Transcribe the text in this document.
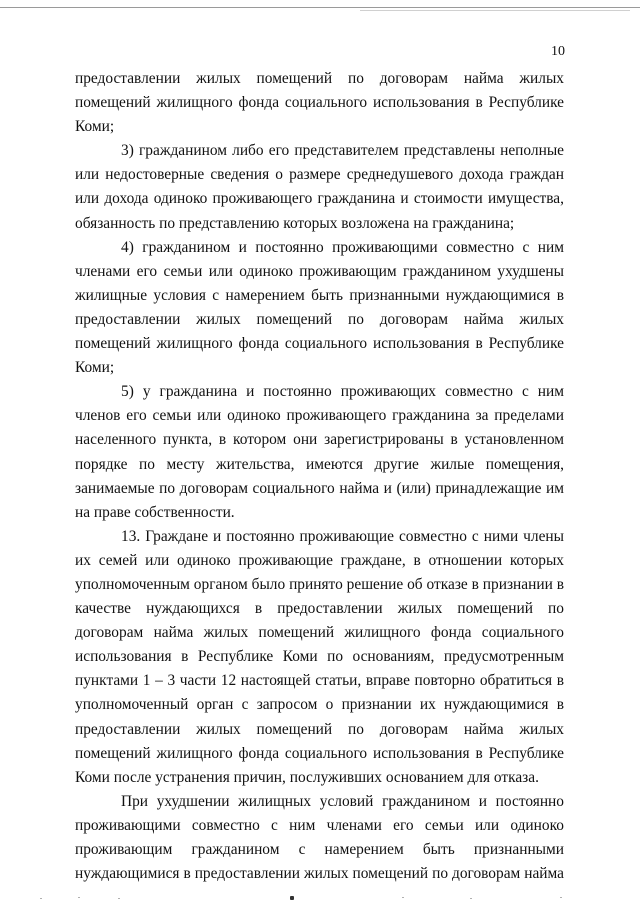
10

предоставлении жилых помещений по договорам найма жилых помещений жилищного фонда социального использования в Республике Коми;

3) гражданином либо его представителем представлены неполные или недостоверные сведения о размере среднедушевого дохода граждан или дохода одиноко проживающего гражданина и стоимости имущества, обязанность по представлению которых возложена на гражданина;

4) гражданином и постоянно проживающими совместно с ним членами его семьи или одиноко проживающим гражданином ухудшены жилищные условия с намерением быть признанными нуждающимися в предоставлении жилых помещений по договорам найма жилых помещений жилищного фонда социального использования в Республике Коми;

5) у гражданина и постоянно проживающих совместно с ним членов его семьи или одиноко проживающего гражданина за пределами населенного пункта, в котором они зарегистрированы в установленном порядке по месту жительства, имеются другие жилые помещения, занимаемые по договорам социального найма и (или) принадлежащие им на праве собственности.

13. Граждане и постоянно проживающие совместно с ними члены их семей или одиноко проживающие граждане, в отношении которых уполномоченным органом было принято решение об отказе в признании в качестве нуждающихся в предоставлении жилых помещений по договорам найма жилых помещений жилищного фонда социального использования в Республике Коми по основаниям, предусмотренным пунктами 1 – 3 части 12 настоящей статьи, вправе повторно обратиться в уполномоченный орган с запросом о признании их нуждающимися в предоставлении жилых помещений по договорам найма жилых помещений жилищного фонда социального использования в Республике Коми после устранения причин, послуживших основанием для отказа.

При ухудшении жилищных условий гражданином и постоянно проживающими совместно с ним членами его семьи или одиноко проживающим гражданином с намерением быть признанными нуждающимися в предоставлении жилых помещений по договорам найма
